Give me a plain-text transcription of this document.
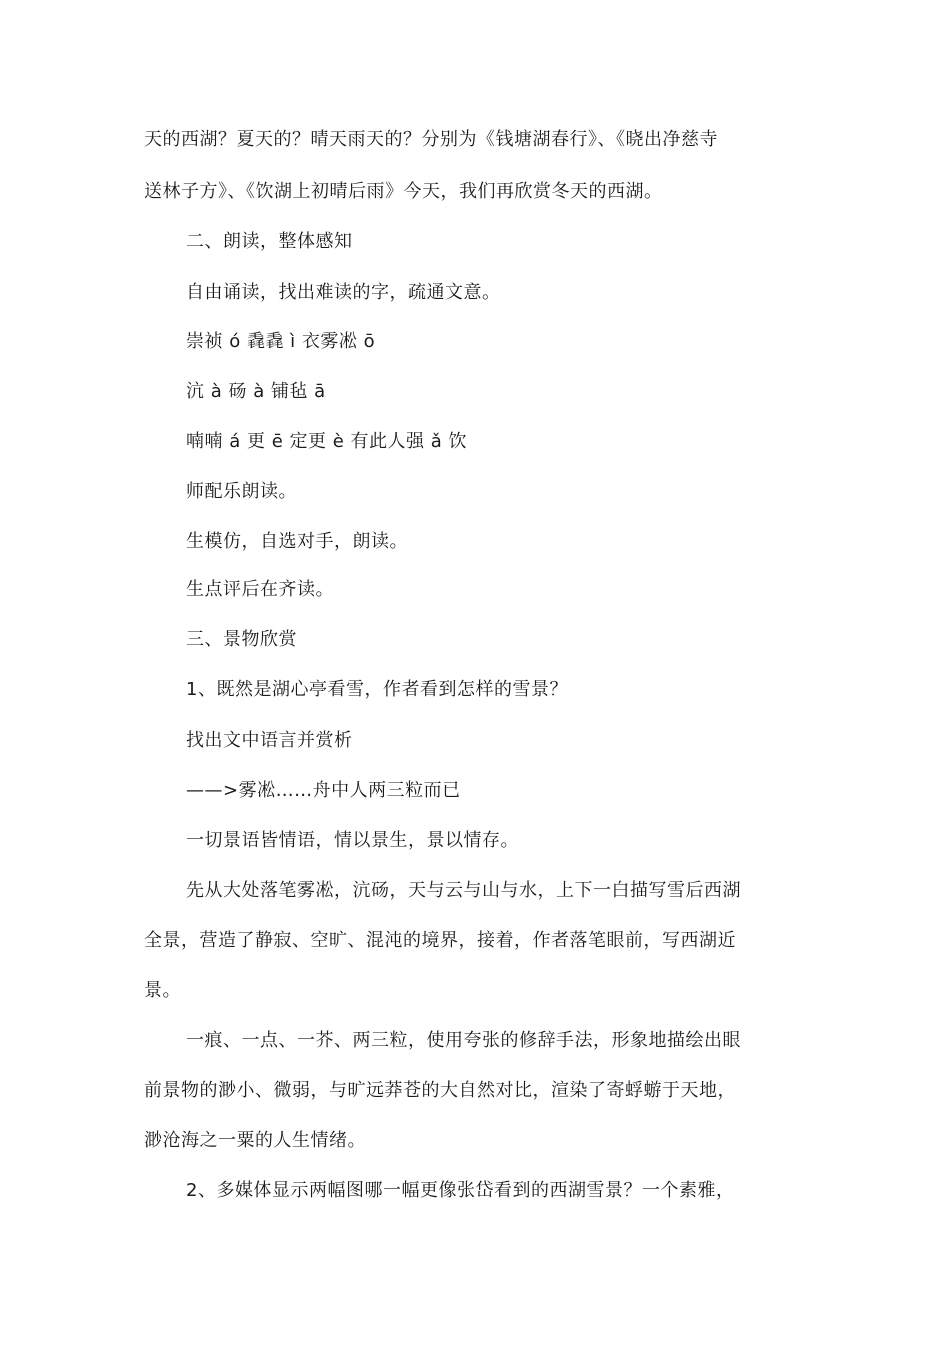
天的西湖？夏天的？晴天雨天的？分别为《钱塘湖春行》、《晓出净慈寺
送林子方》、《饮湖上初晴后雨》今天，我们再欣赏冬天的西湖。
二、朗读，整体感知
自由诵读，找出难读的字，疏通文意。
崇祯 ó 毳毳 ì 衣雾凇 ō
沆 à 砀 à 铺毡 ā
喃喃 á 更 ē 定更 è 有此人强 ǎ 饮
师配乐朗读。
生模仿，自选对手，朗读。
生点评后在齐读。
三、景物欣赏
1、既然是湖心亭看雪，作者看到怎样的雪景？
找出文中语言并赏析
——>雾凇……舟中人两三粒而已
一切景语皆情语，情以景生，景以情存。
先从大处落笔雾凇，沆砀，天与云与山与水，上下一白描写雪后西湖
全景，营造了静寂、空旷、混沌的境界，接着，作者落笔眼前，写西湖近
景。
一痕、一点、一芥、两三粒，使用夸张的修辞手法，形象地描绘出眼
前景物的渺小、微弱，与旷远莽苍的大自然对比，渲染了寄蜉蝣于天地，
渺沧海之一粟的人生情绪。
2、多媒体显示两幅图哪一幅更像张岱看到的西湖雪景？一个素雅，
